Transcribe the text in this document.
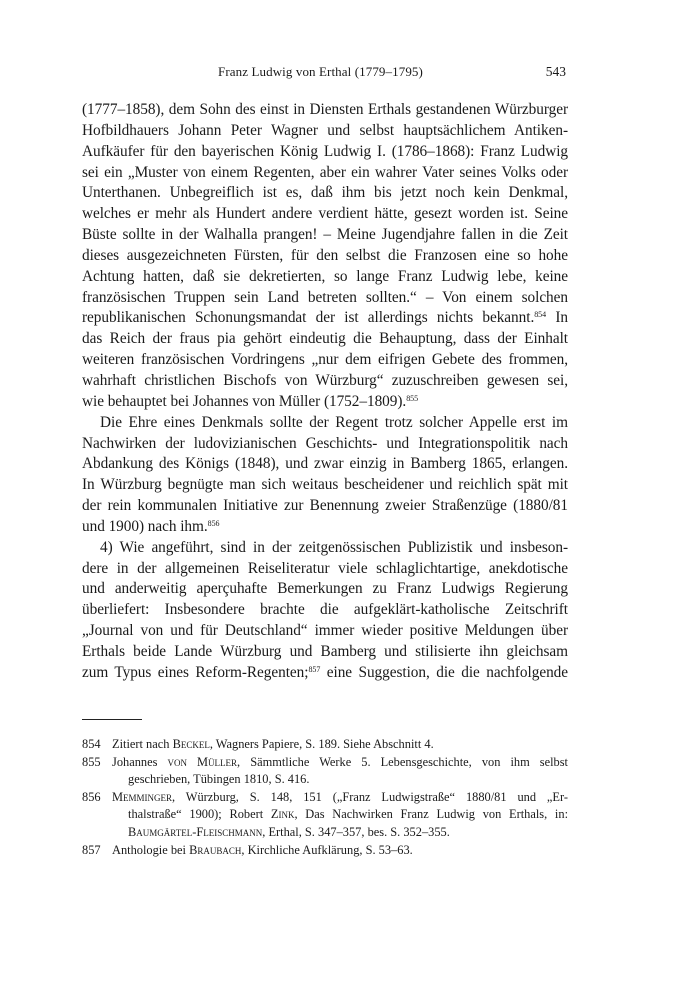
Franz Ludwig von Erthal (1779–1795)	543
(1777–1858), dem Sohn des einst in Diensten Erthals gestandenen Würzburger
Hofbildhauers Johann Peter Wagner und selbst hauptsächlichem Antiken-
Aufkäufer für den bayerischen König Ludwig I. (1786–1868): Franz Ludwig
sei ein „Muster von einem Regenten, aber ein wahrer Vater seines Volks oder
Unterthanen. Unbegreiflich ist es, daß ihm bis jetzt noch kein Denkmal,
welches er mehr als Hundert andere verdient hätte, gesezt worden ist. Seine
Büste sollte in der Walhalla prangen! – Meine Jugendjahre fallen in die Zeit
dieses ausgezeichneten Fürsten, für den selbst die Franzosen eine so hohe
Achtung hatten, daß sie dekretierten, so lange Franz Ludwig lebe, keine
französischen Truppen sein Land betreten sollten.“ – Von einem solchen
republikanischen Schonungsmandat der ist allerdings nichts bekannt.$^{854}$ In
das Reich der fraus pia gehört eindeutig die Behauptung, dass der Einhalt
weiteren französischen Vordringens „nur dem eifrigen Gebete des frommen,
wahrhaft christlichen Bischofs von Würzburg“ zuzuschreiben gewesen sei,
wie behauptet bei Johannes von Müller (1752–1809).$^{855}$
Die Ehre eines Denkmals sollte der Regent trotz solcher Appelle erst im
Nachwirken der ludovizianischen Geschichts- und Integrationspolitik nach
Abdankung des Königs (1848), und zwar einzig in Bamberg 1865, erlangen.
In Würzburg begnügte man sich weitaus bescheidener und reichlich spät mit
der rein kommunalen Initiative zur Benennung zweier Straßenzüge (1880/81
und 1900) nach ihm.$^{856}$
4) Wie angeführt, sind in der zeitgenössischen Publizistik und insbeson-
dere in der allgemeinen Reiseliteratur viele schlaglichtartige, anekdotische
und anderweitig aperçuhafte Bemerkungen zu Franz Ludwigs Regierung
überliefert: Insbesondere brachte die aufgeklärt-katholische Zeitschrift
„Journal von und für Deutschland“ immer wieder positive Meldungen über
Erthals beide Lande Würzburg und Bamberg und stilisierte ihn gleichsam
zum Typus eines Reform-Regenten;$^{857}$ eine Suggestion, die die nachfolgende
854 Zitiert nach Beckel, Wagners Papiere, S. 189. Siehe Abschnitt 4.
855 Johannes von Müller, Sämmtliche Werke 5. Lebensgeschichte, von ihm selbst
geschrieben, Tübingen 1810, S. 416.
856 Memminger, Würzburg, S. 148, 151 („Franz Ludwigstraße“ 1880/81 und „Er-
thalstraße“ 1900); Robert Zink, Das Nachwirken Franz Ludwig von Erthals, in:
Baumgärtel-Fleischmann, Erthal, S. 347–357, bes. S. 352–355.
857 Anthologie bei Braubach, Kirchliche Aufklärung, S. 53–63.
